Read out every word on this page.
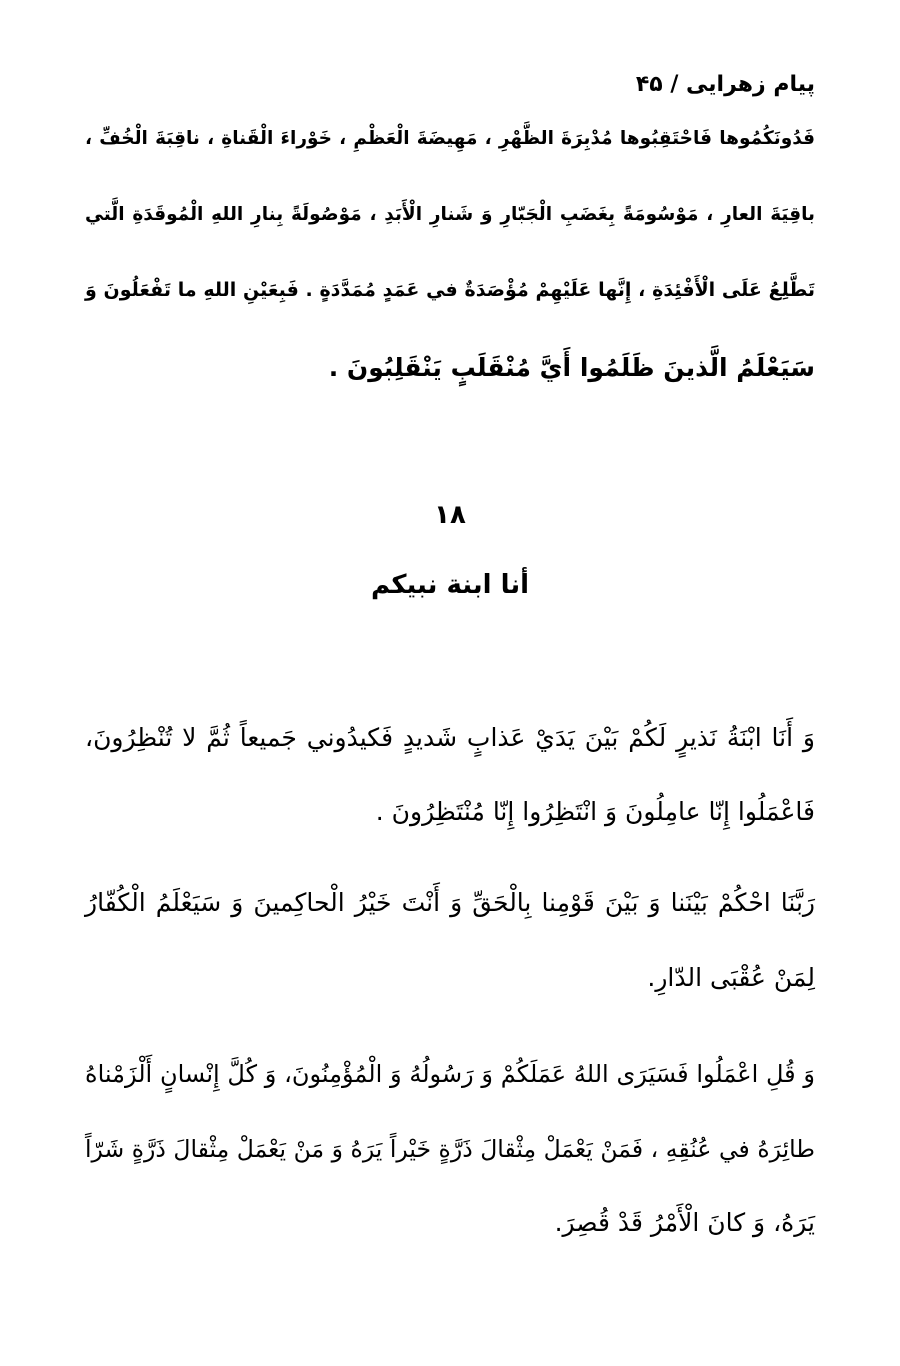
پيام زهرايى / ۴۵
فَدُونَكُمُوها فَاحْتَقِبُوها مُدْبِرَةَ الظَّهْرِ ، مَهِيضَةَ الْعَظْمِ ، خَوْراءَ الْقَناةِ ، ناقِبَةَ الْخُفِّ ،
باقِيَةَ العارِ ، مَوْسُومَةً بِغَضَبِ الْجَبّارِ وَ شَنارِ الْأَبَدِ ، مَوْصُولَةً بِنارِ اللهِ الْمُوقَدَةِ الَّتي
تَطَّلِعُ عَلَى الْأَفْئِدَةِ ، إِنَّها عَلَيْهِمْ مُؤْصَدَةٌ في عَمَدٍ مُمَدَّدَةٍ . فَبِعَيْنِ اللهِ ما تَفْعَلُونَ وَ
سَيَعْلَمُ الَّذينَ ظَلَمُوا أَيَّ مُنْقَلَبٍ يَنْقَلِبُونَ .
۱۸
أنا ابنة نبيكم
وَ أَنَا ابْنَةُ نَذيرٍ لَكُمْ بَيْنَ يَدَيْ عَذابٍ شَديدٍ فَكيدُوني جَميعاً ثُمَّ لا تُنْظِرُونَ،
فَاعْمَلُوا إِنّا عامِلُونَ وَ انْتَظِرُوا إِنّا مُنْتَظِرُونَ .
رَبَّنَا احْكُمْ بَيْنَنا وَ بَيْنَ قَوْمِنا بِالْحَقِّ وَ أَنْتَ خَيْرُ الْحاكِمينَ وَ سَيَعْلَمُ الْكُفّارُ
لِمَنْ عُقْبَى الدّارِ.
وَ قُلِ اعْمَلُوا فَسَيَرَى اللهُ عَمَلَكُمْ وَ رَسُولُهُ وَ الْمُؤْمِنُونَ، وَ كُلَّ إِنْسانٍ أَلْزَمْناهُ
طائِرَهُ في عُنُقِهِ ، فَمَنْ يَعْمَلْ مِثْقالَ ذَرَّةٍ خَيْراً يَرَهُ وَ مَنْ يَعْمَلْ مِثْقالَ ذَرَّةٍ شَرّاً
يَرَهُ، وَ كانَ الْأَمْرُ قَدْ قُصِرَ.
